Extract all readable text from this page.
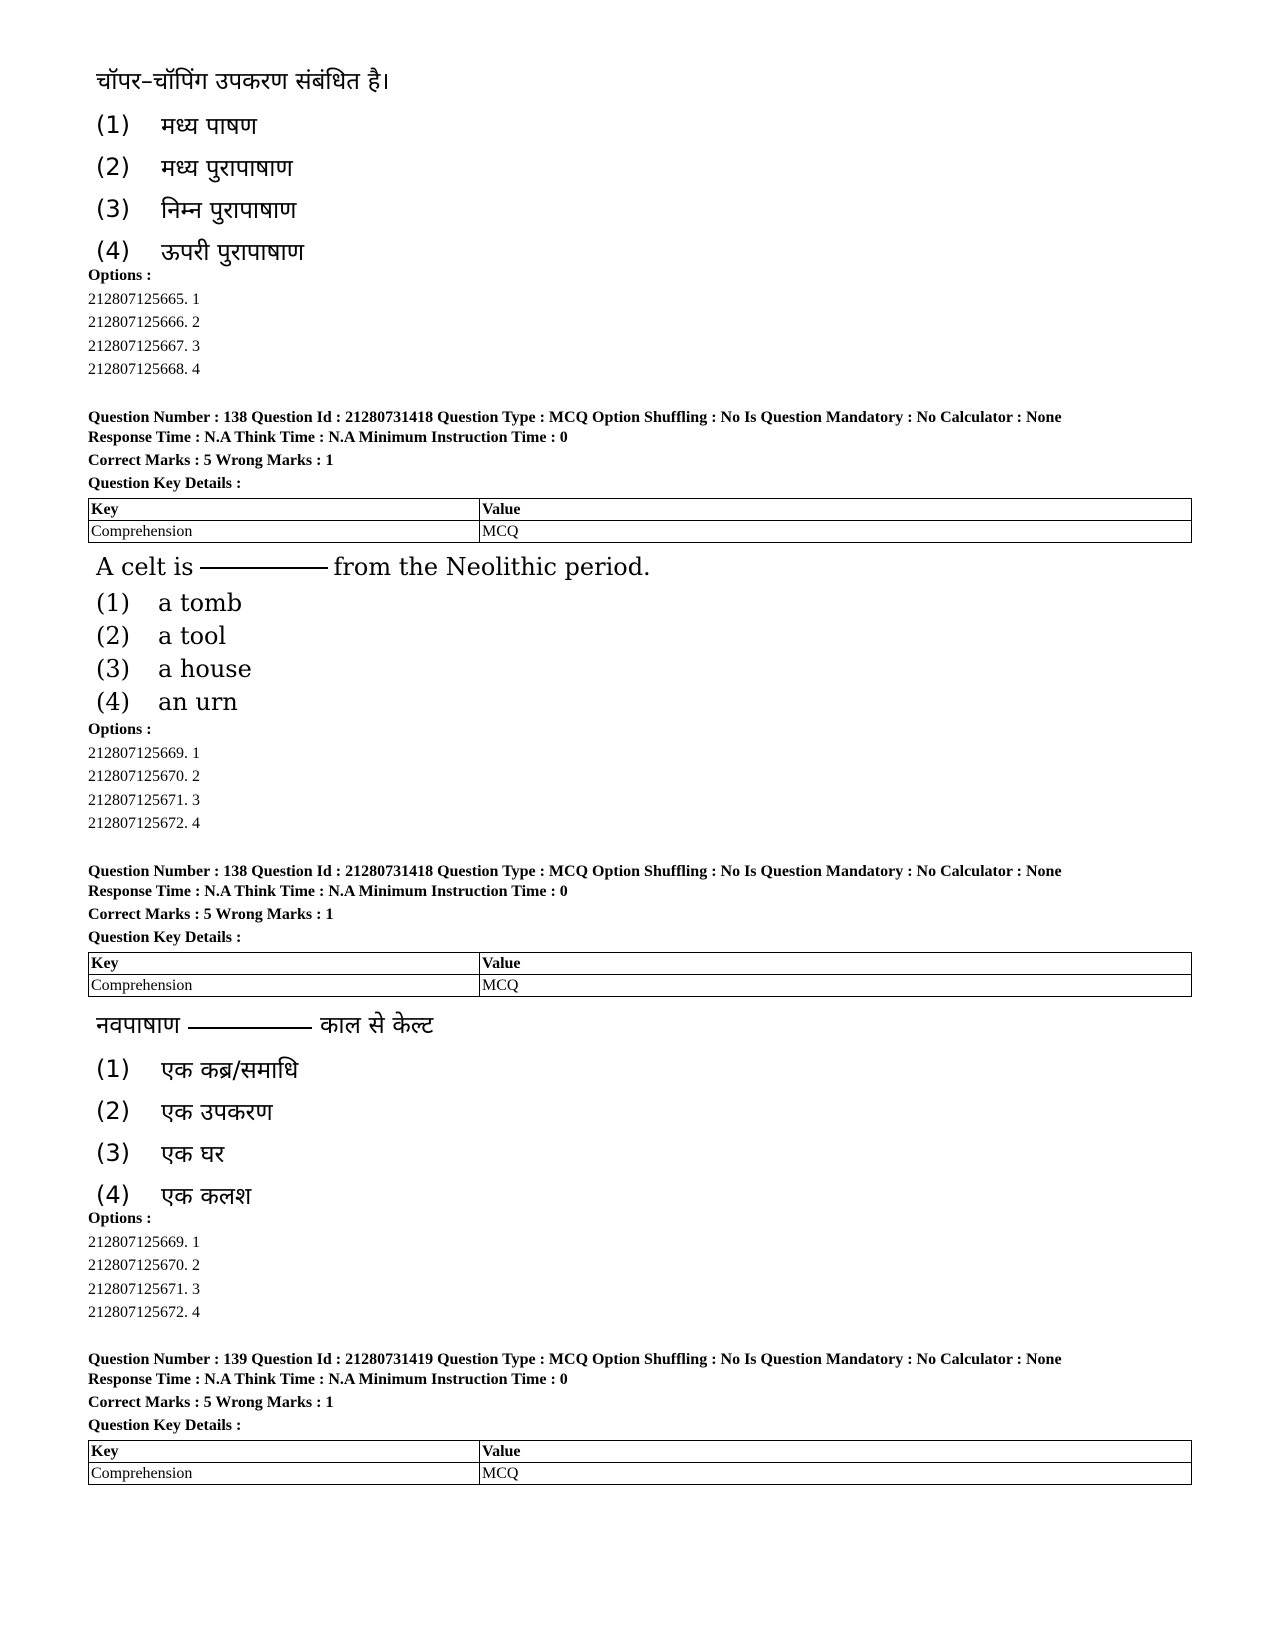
चॉपर–चॉपिंग उपकरण संबंधित है।
(1)	मध्य पाषण
(2)	मध्य पुरापाषाण
(3)	निम्न पुरापाषाण
(4)	ऊपरी पुरापाषाण
Options :
212807125665. 1
212807125666. 2
212807125667. 3
212807125668. 4
Question Number : 138 Question Id : 21280731418 Question Type : MCQ Option Shuffling : No Is Question Mandatory : No Calculator : None
Response Time : N.A Think Time : N.A Minimum Instruction Time : 0
Correct Marks : 5 Wrong Marks : 1
Question Key Details :
Key	Value
Comprehension	MCQ
A celt is	from the Neolithic period.
(1)	a tomb
(2)	a tool
(3)	a house
(4)	an urn
Options :
212807125669. 1
212807125670. 2
212807125671. 3
212807125672. 4
Question Number : 138 Question Id : 21280731418 Question Type : MCQ Option Shuffling : No Is Question Mandatory : No Calculator : None
Response Time : N.A Think Time : N.A Minimum Instruction Time : 0
Correct Marks : 5 Wrong Marks : 1
Question Key Details :
Key	Value
Comprehension	MCQ
नवपाषाण	काल से केल्ट
(1)	एक कब्र/समाधि
(2)	एक उपकरण
(3)	एक घर
(4)	एक कलश
Options :
212807125669. 1
212807125670. 2
212807125671. 3
212807125672. 4
Question Number : 139 Question Id : 21280731419 Question Type : MCQ Option Shuffling : No Is Question Mandatory : No Calculator : None
Response Time : N.A Think Time : N.A Minimum Instruction Time : 0
Correct Marks : 5 Wrong Marks : 1
Question Key Details :
Key	Value
Comprehension	MCQ
